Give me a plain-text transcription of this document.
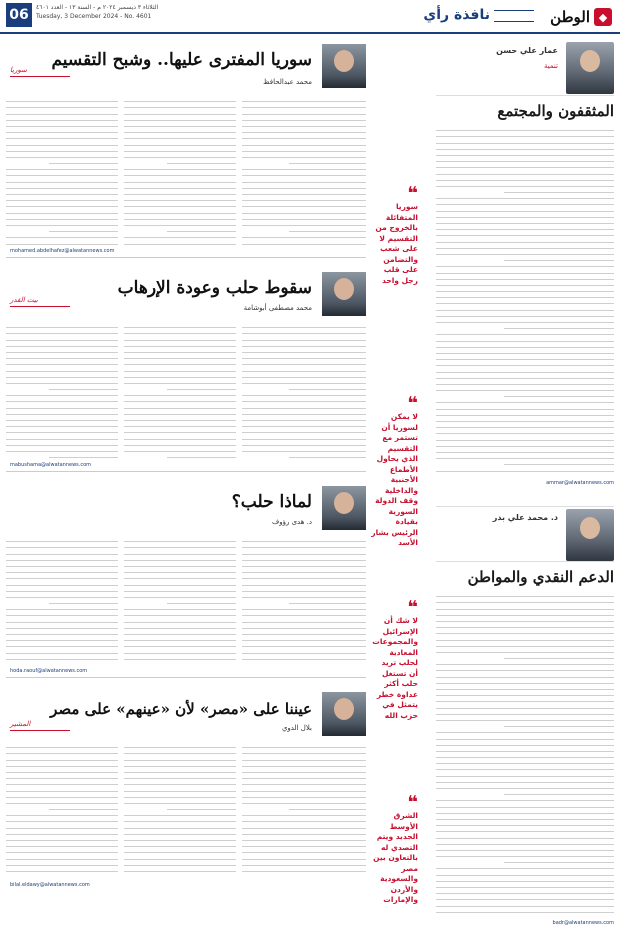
الوطن ◆
نافذة رأي
الثلاثاء ٣ ديسمبر ٢٠٢٤ م - السنة ١٣ - العدد ٤٦٠١
Tuesday, 3 December 2024 - No. 4601
06
عمار علي حسن
تنمية
المثقفون والمجتمع
ammar@alwatannews.com
د. محمد علي بدر
الدعم النقدي والمواطن
badr@alwatannews.com
❝
سوريا المتفائلة بالخروج من التقسيم لا على شعب والتضامن على قلب رجل واحد
❝
لا يمكن لسوريا أن تستمر مع التقسيم الذي يحاول الأطماع الأجنبية والداخلية وقف الدولة السورية بقيادة الرئيس بشار الأسد
❝
لا شك أن الإسرائيل والمجموعات المعادية لحلب تريد أن تستغل حلب أكثر عداوة خطر يتمثل في حزب الله
❝
الشرق الأوسط الجديد ويتم التصدي له بالتعاون بين مصر والسعودية والأردن والإمارات
سوريا المفترى عليها.. وشبح التقسيم
محمد عبدالحافظ
سوريا
mohamed.abdelhafez@alwatannews.com
سقوط حلب وعودة الإرهاب
محمد مصطفى أبوشامة
بيت القدر
mabushama@alwatannews.com
لماذا حلب؟
د. هدى رؤوف
hoda.raouf@alwatannews.com
عيننا على «مصر» لأن «عينهم» على مصر
بلال الدوي
المشير
bilal.eldawy@alwatannews.com
